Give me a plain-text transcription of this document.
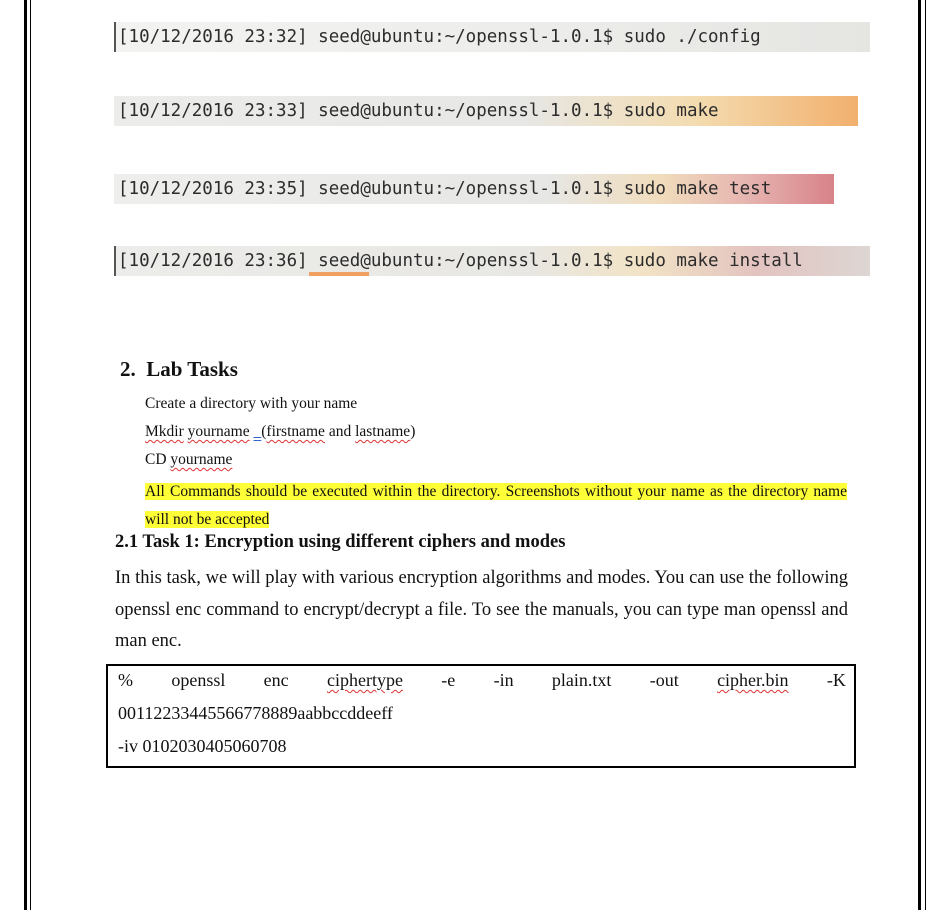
[10/12/2016 23:32] seed@ubuntu:~/openssl-1.0.1$ sudo ./config
[10/12/2016 23:33] seed@ubuntu:~/openssl-1.0.1$ sudo make
[10/12/2016 23:35] seed@ubuntu:~/openssl-1.0.1$ sudo make test
[10/12/2016 23:36] seed@ubuntu:~/openssl-1.0.1$ sudo make install
2. Lab Tasks
Create a directory with your name
Mkdir yourname (firstname and lastname)
CD yourname
All Commands should be executed within the directory. Screenshots without your name as the directory name will not be accepted
2.1 Task 1: Encryption using different ciphers and modes
In this task, we will play with various encryption algorithms and modes. You can use the following openssl enc command to encrypt/decrypt a file. To see the manuals, you can type man openssl and man enc.
% openssl enc ciphertype -e -in plain.txt -out cipher.bin -K
00112233445566778889aabbccddeeff
-iv 0102030405060708
